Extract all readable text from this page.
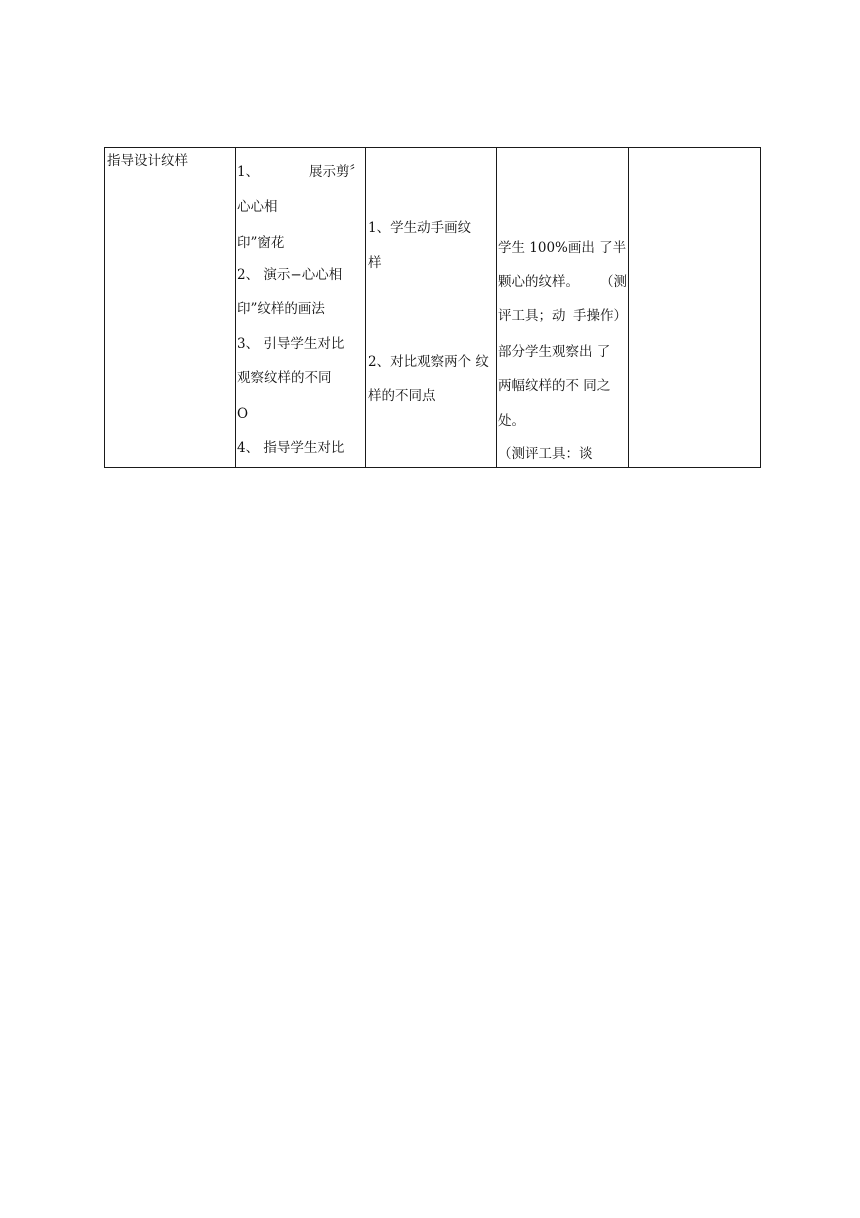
指导设计纹样

1、	展示剪〞
心心相
印”窗花
2、 演示−心心相
印”纹样的画法
3、 引导学生对比
观察纹样的不同
O
4、 指导学生对比

1、学生动手画纹
样
2、对比观察两个 纹
样的不同点

学生 100%画出 了半
颗心的纹样。 （测
评工具；动 手操作）
部分学生观察出 了
两幅纹样的不 同之
处。
（测评工具：谈
